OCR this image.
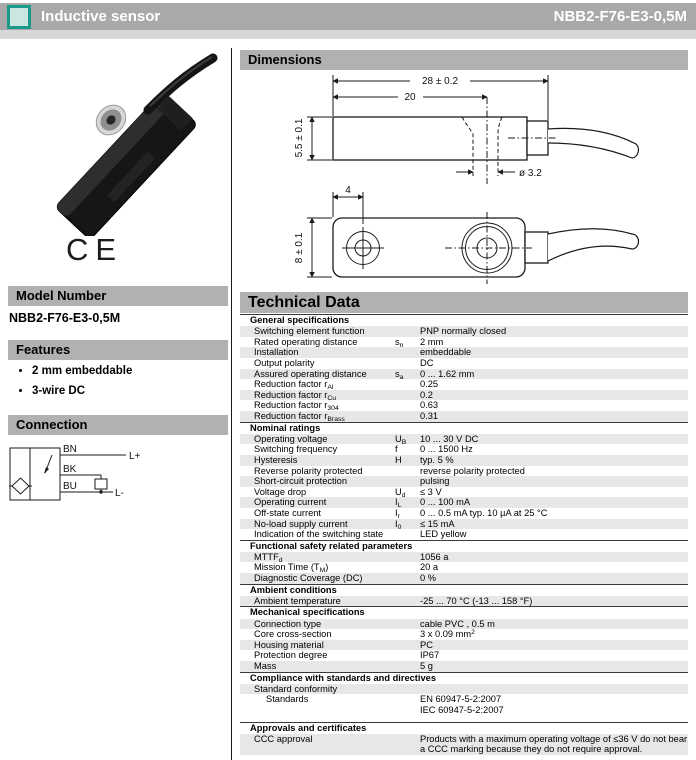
Inductive sensor	NBB2-F76-E3-0,5M
CE
Model Number
NBB2-F76-E3-0,5M
Features
• 2 mm embeddable
• 3-wire DC
Connection
BN
BK
BU
L+
L-
Dimensions
28 ± 0.2
20
5.5 ± 0.1
ø 3.2
4
8 ± 0.1
Technical Data
General specifications
Switching element function	PNP normally closed
Rated operating distance	$s_n$	2 mm
Installation	embeddable
Output polarity	DC
Assured operating distance	$s_a$	0 ... 1.62 mm
Reduction factor $r_{Al}$	0.25
Reduction factor $r_{Cu}$	0.2
Reduction factor $r_{304}$	0.63
Reduction factor $r_{Brass}$	0.31
Nominal ratings
Operating voltage	$U_B$	10 ... 30 V DC
Switching frequency	f	0 ... 1500 Hz
Hysteresis	H	typ. 5 %
Reverse polarity protected	reverse polarity protected
Short-circuit protection	pulsing
Voltage drop	$U_d$	≤ 3 V
Operating current	$I_L$	0 ... 100 mA
Off-state current	$I_r$	0 ... 0.5 mA typ. 10 µA at 25 °C
No-load supply current	$I_0$	≤ 15 mA
Indication of the switching state	LED yellow
Functional safety related parameters
$MTTF_d$	1056 a
Mission Time $(T_M)$	20 a
Diagnostic Coverage (DC)	0 %
Ambient conditions
Ambient temperature	-25 ... 70 °C (-13 ... 158 °F)
Mechanical specifications
Connection type	cable PVC , 0.5 m
Core cross-section	3 x 0.09 $mm^2$
Housing material	PC
Protection degree	IP67
Mass	5 g
Compliance with standards and directives
Standard conformity
Standards	EN 60947-5-2:2007
IEC 60947-5-2:2007
Approvals and certificates
CCC approval	Products with a maximum operating voltage of ≤36 V do not bear a CCC marking because they do not require approval.
